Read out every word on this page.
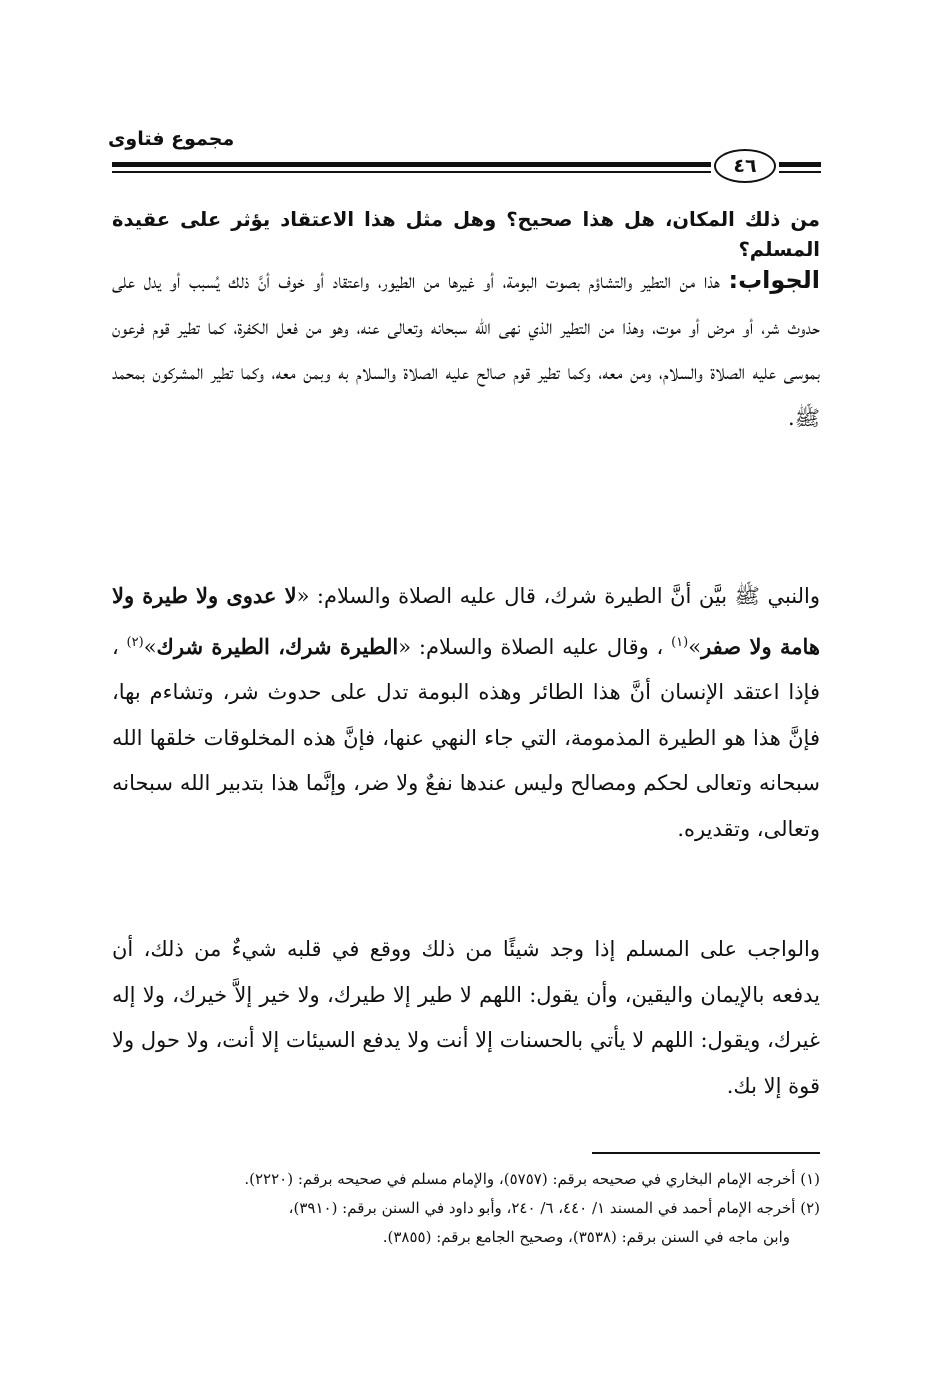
مجموع فتاوى
٤٦
من ذلك المكان، هل هذا صحيح؟ وهل مثل هذا الاعتقاد يؤثر على عقيدة المسلم؟

الجواب: هذا من التطير والتشاؤم بصوت البومة، أو غيرها من الطيور، واعتقاد أو خوف أنَّ ذلك يُسبب أو يدل على حدوث شر، أو مرض أو موت، وهذا من التطير الذي نهى الله سبحانه وتعالى عنه، وهو من فعل الكفرة، كما تطير قوم فرعون بموسى عليه الصلاة والسلام، ومن معه، وكما تطير قوم صالح عليه الصلاة والسلام به وبمن معه، وكما تطير المشركون بمحمد ﷺ.

والنبي ﷺ بيَّن أنَّ الطيرة شرك، قال عليه الصلاة والسلام: «لا عدوى ولا طيرة ولا هامة ولا صفر»$^{(١)}$ ، وقال عليه الصلاة والسلام: «الطيرة شرك، الطيرة شرك»$^{(٢)}$ ، فإذا اعتقد الإنسان أنَّ هذا الطائر وهذه البومة تدل على حدوث شر، وتشاءم بها، فإنَّ هذا هو الطيرة المذمومة، التي جاء النهي عنها، فإنَّ هذه المخلوقات خلقها الله سبحانه وتعالى لحكم ومصالح وليس عندها نفعٌ ولا ضر، وإنَّما هذا بتدبير الله سبحانه وتعالى، وتقديره.

والواجب على المسلم إذا وجد شيئًا من ذلك ووقع في قلبه شيءٌ من ذلك، أن يدفعه بالإيمان واليقين، وأن يقول: اللهم لا طير إلا طيرك، ولا خير إلاَّ خيرك، ولا إله غيرك، ويقول: اللهم لا يأتي بالحسنات إلا أنت ولا يدفع السيئات إلا أنت، ولا حول ولا قوة إلا بك.

(١) أخرجه الإمام البخاري في صحيحه برقم: (٥٧٥٧)، والإمام مسلم في صحيحه برقم: (٢٢٢٠).
(٢) أخرجه الإمام أحمد في المسند ١/ ٤٤٠، ٦/ ٢٤٠، وأبو داود في السنن برقم: (٣٩١٠)،
وابن ماجه في السنن برقم: (٣٥٣٨)، وصحيح الجامع برقم: (٣٨٥٥).
